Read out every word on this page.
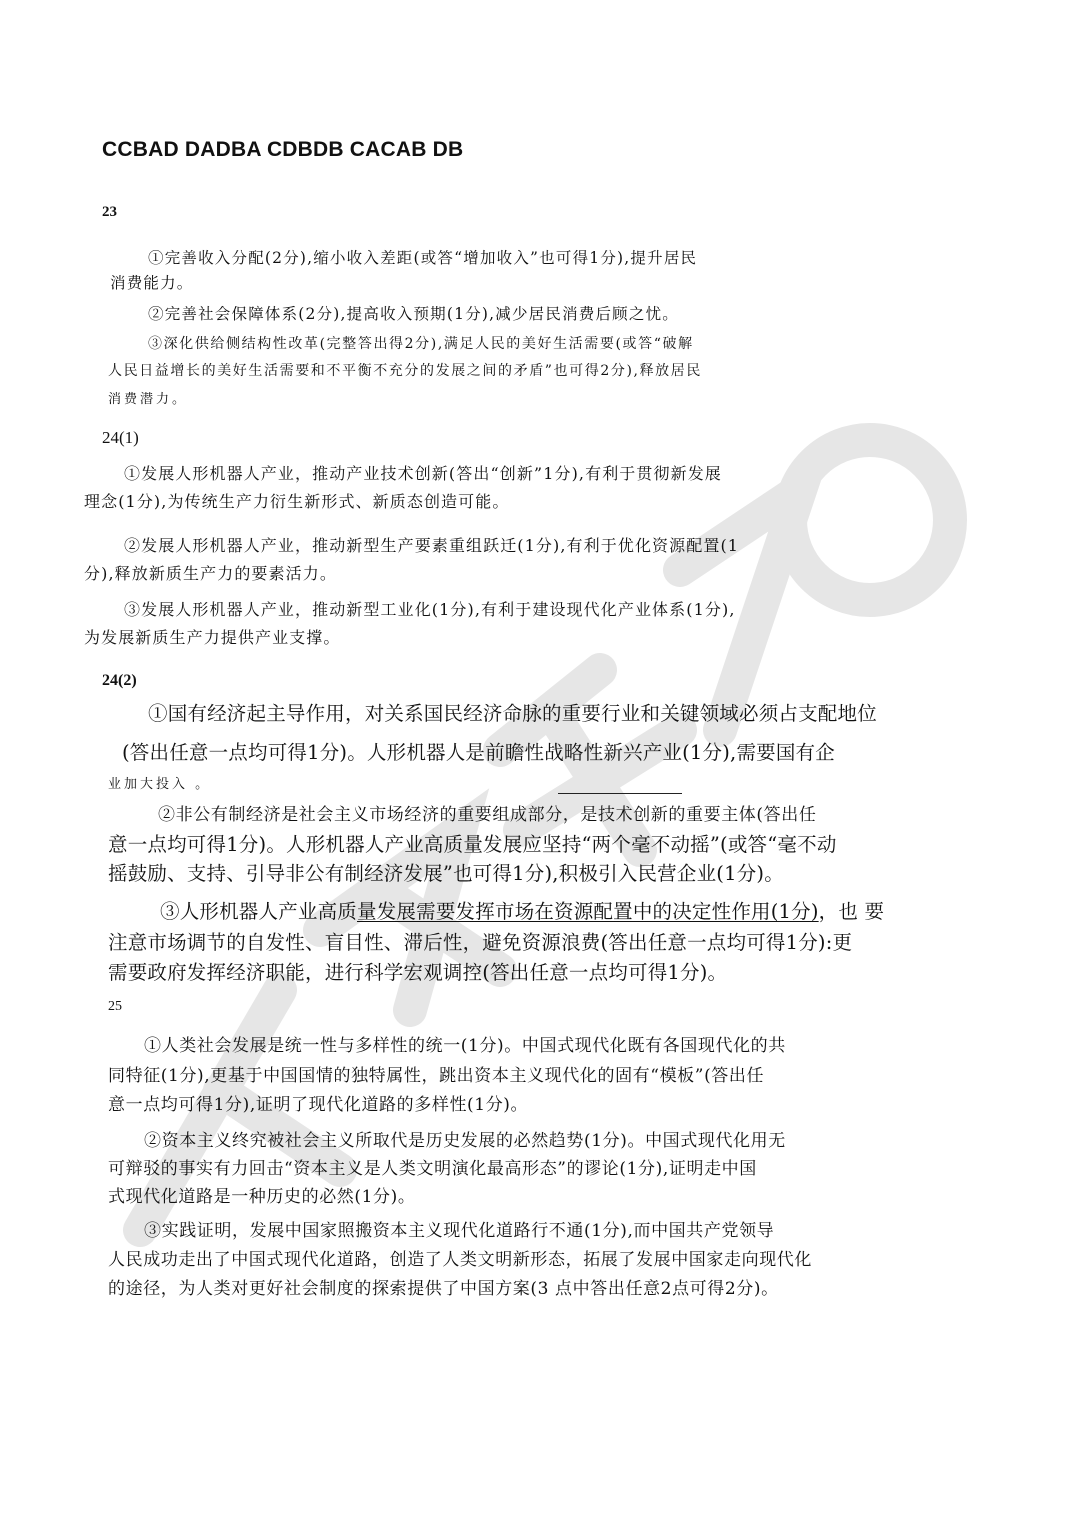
CCBAD DADBA CDBDB CACAB DB
23
①完善收入分配(2分),缩小收入差距(或答“增加收入”也可得1分),提升居民
消费能力。
②完善社会保障体系(2分),提高收入预期(1分),减少居民消费后顾之忧。
③深化供给侧结构性改革(完整答出得2分),满足人民的美好生活需要(或答“破解
人民日益增长的美好生活需要和不平衡不充分的发展之间的矛盾”也可得2分),释放居民
消费潜力。
24(1)
①发展人形机器人产业，推动产业技术创新(答出“创新”1分),有利于贯彻新发展
理念(1分),为传统生产力衍生新形式、新质态创造可能。
②发展人形机器人产业，推动新型生产要素重组跃迁(1分),有利于优化资源配置(1
分),释放新质生产力的要素活力。
③发展人形机器人产业，推动新型工业化(1分),有利于建设现代化产业体系(1分),
为发展新质生产力提供产业支撑。
24(2)
①国有经济起主导作用，对关系国民经济命脉的重要行业和关键领域必须占支配地位
(答出任意一点均可得1分)。人形机器人是前瞻性战略性新兴产业(1分),需要国有企
业加大投入 。
②非公有制经济是社会主义市场经济的重要组成部分，是技术创新的重要主体(答出任
意一点均可得1分)。人形机器人产业高质量发展应坚持“两个毫不动摇”(或答“毫不动
摇鼓励、支持、引导非公有制经济发展”也可得1分),积极引入民营企业(1分)。
③人形机器人产业高质量发展需要发挥市场在资源配置中的决定性作用(1分)，也 要
注意市场调节的自发性、盲目性、滞后性，避免资源浪费(答出任意一点均可得1分):更
需要政府发挥经济职能，进行科学宏观调控(答出任意一点均可得1分)。
25
①人类社会发展是统一性与多样性的统一(1分)。中国式现代化既有各国现代化的共
同特征(1分),更基于中国国情的独特属性，跳出资本主义现代化的固有“模板”(答出任
意一点均可得1分),证明了现代化道路的多样性(1分)。
②资本主义终究被社会主义所取代是历史发展的必然趋势(1分)。中国式现代化用无
可辩驳的事实有力回击“资本主义是人类文明演化最高形态”的谬论(1分),证明走中国
式现代化道路是一种历史的必然(1分)。
③实践证明，发展中国家照搬资本主义现代化道路行不通(1分),而中国共产党领导
人民成功走出了中国式现代化道路，创造了人类文明新形态，拓展了发展中国家走向现代化
的途径，为人类对更好社会制度的探索提供了中国方案(3 点中答出任意2点可得2分)。
